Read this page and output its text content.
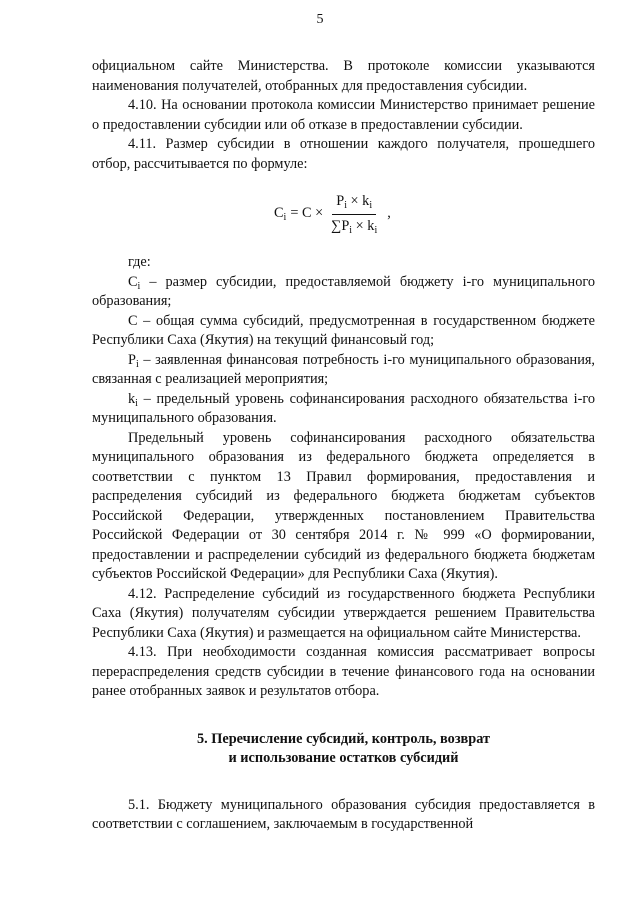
5

официальном сайте Министерства. В протоколе комиссии указываются наименования получателей, отобранных для предоставления субсидии.

4.10. На основании протокола комиссии Министерство принимает решение о предоставлении субсидии или об отказе в предоставлении субсидии.

4.11. Размер субсидии в отношении каждого получателя, прошедшего отбор, рассчитывается по формуле:

$C_i = C \times \frac{P_i \times k_i}{\sum P_i \times k_i}$ ,

где:

$C_i$ – размер субсидии, предоставляемой бюджету i-го муниципального образования;

С – общая сумма субсидий, предусмотренная в государственном бюджете Республики Саха (Якутия) на текущий финансовый год;

$P_i$ – заявленная финансовая потребность i-го муниципального образования, связанная с реализацией мероприятия;

$k_i$ – предельный уровень софинансирования расходного обязательства i-го муниципального образования.

Предельный уровень софинансирования расходного обязательства муниципального образования из федерального бюджета определяется в соответствии с пунктом 13 Правил формирования, предоставления и распределения субсидий из федерального бюджета бюджетам субъектов Российской Федерации, утвержденных постановлением Правительства Российской Федерации от 30 сентября 2014 г. № 999 «О формировании, предоставлении и распределении субсидий из федерального бюджета бюджетам субъектов Российской Федерации» для Республики Саха (Якутия).

4.12. Распределение субсидий из государственного бюджета Республики Саха (Якутия) получателям субсидии утверждается решением Правительства Республики Саха (Якутия) и размещается на официальном сайте Министерства.

4.13. При необходимости созданная комиссия рассматривает вопросы перераспределения средств субсидии в течение финансового года на основании ранее отобранных заявок и результатов отбора.

5. Перечисление субсидий, контроль, возврат
и использование остатков субсидий

5.1. Бюджету муниципального образования субсидия предоставляется в соответствии с соглашением, заключаемым в государственной
